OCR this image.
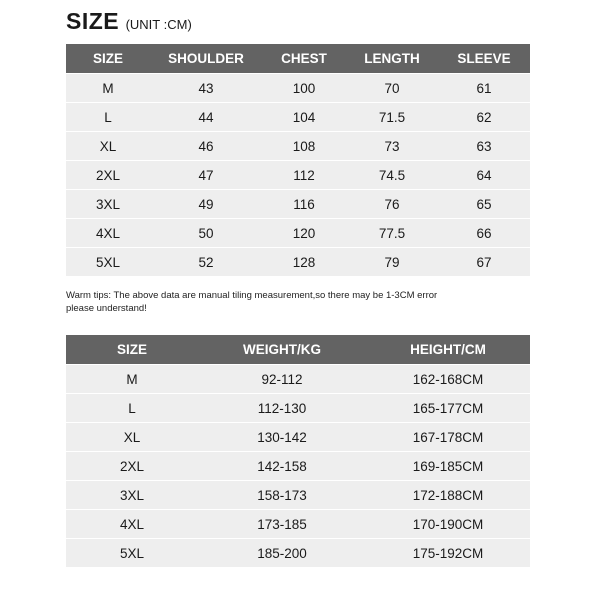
SIZE (UNIT :CM)
SIZE	SHOULDER	CHEST	LENGTH	SLEEVE
M	43	100	70	61
L	44	104	71.5	62
XL	46	108	73	63
2XL	47	112	74.5	64
3XL	49	116	76	65
4XL	50	120	77.5	66
5XL	52	128	79	67
Warm tips: The above data are manual tiling measurement,so there may be 1-3CM error
please understand!
SIZE	WEIGHT/KG	HEIGHT/CM
M	92-112	162-168CM
L	112-130	165-177CM
XL	130-142	167-178CM
2XL	142-158	169-185CM
3XL	158-173	172-188CM
4XL	173-185	170-190CM
5XL	185-200	175-192CM
